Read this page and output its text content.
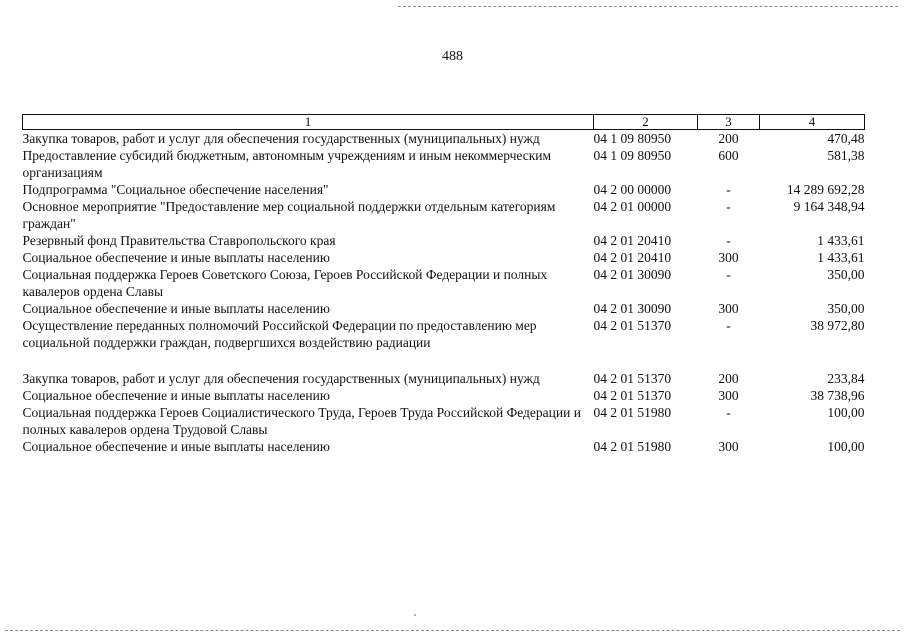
488
1	2	3	4
Закупка товаров, работ и услуг для обеспечения государственных (муниципальных) нужд	04 1 09 80950	200	470,48
Предоставление субсидий бюджетным, автономным учреждениям и иным некоммерческим организациям	04 1 09 80950	600	581,38
Подпрограмма "Социальное обеспечение населения"	04 2 00 00000	-	14 289 692,28
Основное мероприятие "Предоставление мер социальной поддержки отдельным категориям граждан"	04 2 01 00000	-	9 164 348,94
Резервный фонд Правительства Ставропольского края	04 2 01 20410	-	1 433,61
Социальное обеспечение и иные выплаты населению	04 2 01 20410	300	1 433,61
Социальная поддержка Героев Советского Союза, Героев Российской Федерации и полных кавалеров ордена Славы	04 2 01 30090	-	350,00
Социальное обеспечение и иные выплаты населению	04 2 01 30090	300	350,00
Осуществление переданных полномочий Российской Федерации по предоставлению мер социальной поддержки граждан, подвергшихся воздействию радиации	04 2 01 51370	-	38 972,80
Закупка товаров, работ и услуг для обеспечения государственных (муниципальных) нужд	04 2 01 51370	200	233,84
Социальное обеспечение и иные выплаты населению	04 2 01 51370	300	38 738,96
Социальная поддержка Героев Социалистического Труда, Героев Труда Российской Федерации и полных кавалеров ордена Трудовой Славы	04 2 01 51980	-	100,00
Социальное обеспечение и иные выплаты населению	04 2 01 51980	300	100,00
